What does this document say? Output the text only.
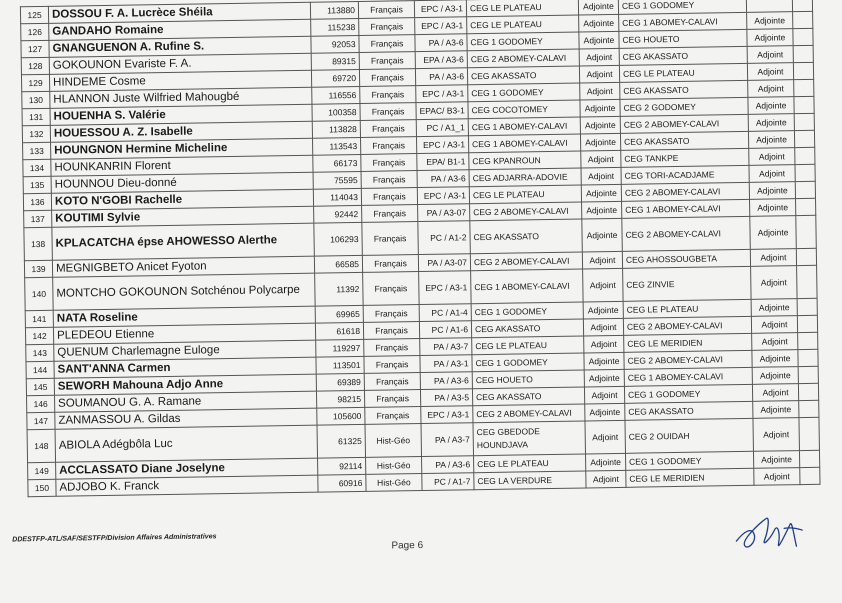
125	DOSSOU F. A. Lucrèce Shéila	113880	Français	EPC / A3-1	CEG LE PLATEAU	Adjointe	CEG 1 GODOMEY		
126	GANDAHO Romaine	115238	Français	EPC / A3-1	CEG LE PLATEAU	Adjointe	CEG 1 ABOMEY-CALAVI	Adjointe	
127	GNANGUENON A. Rufine S.	92053	Français	PA / A3-6	CEG 1 GODOMEY	Adjointe	CEG HOUETO	Adjointe	
128	GOKOUNON Evariste F. A.	89315	Français	EPA / A3-6	CEG 2 ABOMEY-CALAVI	Adjoint	CEG AKASSATO	Adjoint	
129	HINDEME Cosme	69720	Français	PA / A3-6	CEG AKASSATO	Adjoint	CEG LE PLATEAU	Adjoint	
130	HLANNON Juste Wilfried Mahougbé	116556	Français	EPC / A3-1	CEG 1 GODOMEY	Adjoint	CEG AKASSATO	Adjoint	
131	HOUENHA S. Valérie	100358	Français	EPAC/ B3-1	CEG COCOTOMEY	Adjointe	CEG 2 GODOMEY	Adjointe	
132	HOUESSOU A. Z. Isabelle	113828	Français	PC / A1_1	CEG 1 ABOMEY-CALAVI	Adjointe	CEG 2 ABOMEY-CALAVI	Adjointe	
133	HOUNGNON Hermine Micheline	113543	Français	EPC / A3-1	CEG 1 ABOMEY-CALAVI	Adjointe	CEG AKASSATO	Adjointe	
134	HOUNKANRIN Florent	66173	Français	EPA/ B1-1	CEG KPANROUN	Adjoint	CEG TANKPE	Adjoint	
135	HOUNNOU Dieu-donné	75595	Français	PA / A3-6	CEG ADJARRA-ADOVIE	Adjoint	CEG TORI-ACADJAME	Adjoint	
136	KOTO N'GOBI Rachelle	114043	Français	EPC / A3-1	CEG LE PLATEAU	Adjointe	CEG 2 ABOMEY-CALAVI	Adjointe	
137	KOUTIMI Sylvie	92442	Français	PA / A3-07	CEG 2 ABOMEY-CALAVI	Adjointe	CEG 1 ABOMEY-CALAVI	Adjointe	
138	KPLACATCHA épse AHOWESSO Alerthe	106293	Français	PC / A1-2	CEG AKASSATO	Adjointe	CEG 2 ABOMEY-CALAVI	Adjointe	
139	MEGNIGBETO Anicet Fyoton	66585	Français	PA / A3-07	CEG 2 ABOMEY-CALAVI	Adjoint	CEG AHOSSOUGBETA	Adjoint	
140	MONTCHO GOKOUNON Sotchénou Polycarpe	11392	Français	EPC / A3-1	CEG 1 ABOMEY-CALAVI	Adjoint	CEG ZINVIE	Adjoint	
141	NATA Roseline	69965	Français	PC / A1-4	CEG 1 GODOMEY	Adjointe	CEG LE PLATEAU	Adjointe	
142	PLEDEOU Etienne	61618	Français	PC / A1-6	CEG AKASSATO	Adjoint	CEG 2 ABOMEY-CALAVI	Adjoint	
143	QUENUM Charlemagne Euloge	119297	Français	PA / A3-7	CEG LE PLATEAU	Adjoint	CEG LE MERIDIEN	Adjoint	
144	SANT'ANNA Carmen	113501	Français	PA / A3-1	CEG 1 GODOMEY	Adjointe	CEG 2 ABOMEY-CALAVI	Adjointe	
145	SEWORH Mahouna Adjo Anne	69389	Français	PA / A3-6	CEG HOUETO	Adjointe	CEG 1 ABOMEY-CALAVI	Adjointe	
146	SOUMANOU G. A. Ramane	98215	Français	PA / A3-5	CEG AKASSATO	Adjoint	CEG 1 GODOMEY	Adjoint	
147	ZANMASSOU A. Gildas	105600	Français	EPC / A3-1	CEG 2 ABOMEY-CALAVI	Adjointe	CEG AKASSATO	Adjointe	
148	ABIOLA Adégbôla Luc	61325	Hist-Géo	PA / A3-7	CEG GBEDODE HOUNDJAVA	Adjoint	CEG 2 OUIDAH	Adjoint	
149	ACCLASSATO Diane Joselyne	92114	Hist-Géo	PA / A3-6	CEG LE PLATEAU	Adjointe	CEG 1 GODOMEY	Adjointe	
150	ADJOBO K. Franck	60916	Hist-Géo	PC / A1-7	CEG LA VERDURE	Adjoint	CEG LE MERIDIEN	Adjoint	
DDESTFP-ATL/SAF/SESTFP/Division Affaires Administratives
Page 6
